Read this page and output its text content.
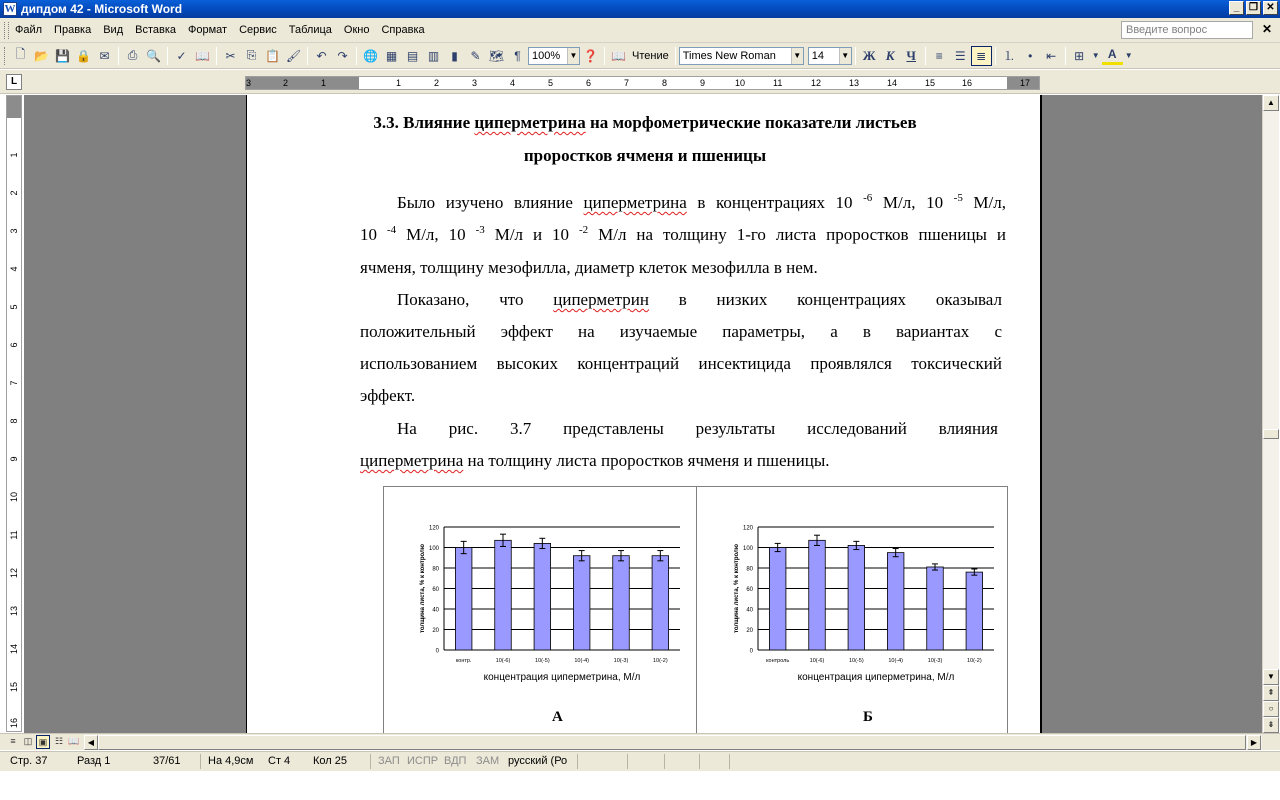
W дипдом 42 - Microsoft Word	_ ❐ ✕
Файл	Правка	Вид	Вставка	Формат	Сервис	Таблица	Окно	Справка	Введите вопрос	✕
🗋 📂 💾 🔒 ✉	⎙ 🔍	✓ 📖	✂ ⎘ 📋 🖌	↶ ↷	🌐 ▦ ▤ ▥	▮	✎ 🗺 ¶	100%	▼ ❓ 📖 Чтение Times New Roman	▼ 14	▼	Ж К Ч	≡	☰ ≣	⒈	•	⇤	⊞ ▼ A	▼
L	3	2	1	1	2	3	4	5	6	7	8	9	10	11	12	13	14	15	16	17
1
2
3
4
5
6
7
8
9
10
11
12
13
14
15
16
3.3. Влияние циперметрина на морфометрические показатели листьев
проростков ячменя и пшеницы
Было изучено влияние циперметрина в концентрациях 10 $^{-6}$ М/л, 10 $^{-5}$ М/л,
10 $^{-4}$ М/л, 10 $^{-3}$ М/л и 10 $^{-2}$ М/л на толщину 1-го листа проростков пшеницы и
ячменя, толщину мезофилла, диаметр клеток мезофилла в нем.
Показано, что циперметрин в низких концентрациях оказывал
положительный эффект на изучаемые параметры, а в вариантах с
использованием высоких концентраций инсектицида проявлялся токсический
эффект.
На рис. 3.7 представлены результаты исследований влияния
циперметрина на толщину листа проростков ячменя и пшеницы.
0
20
40
60
80
100
120
контр.	10(-6)	10(-5)	10(-4)	10(-3)	10(-2)
концентрация циперметрина, М/л
толщина листа, % к контролю
0
20
40
60
80
100
120
контроль	10(-6)	10(-5)	10(-4)	10(-3)	10(-2)
концентрация циперметрина, М/л
толщина листа, % к контролю
А	Б
▲
▼
⇞
○
⇟
≡ ◫ ▣ ☷ 📖	◀	▶
Стр. 37	Разд 1	37/61 На 4,9см Ст 4 Кол 25	ЗАП ИСПР ВДП ЗАМ русский (Ро
